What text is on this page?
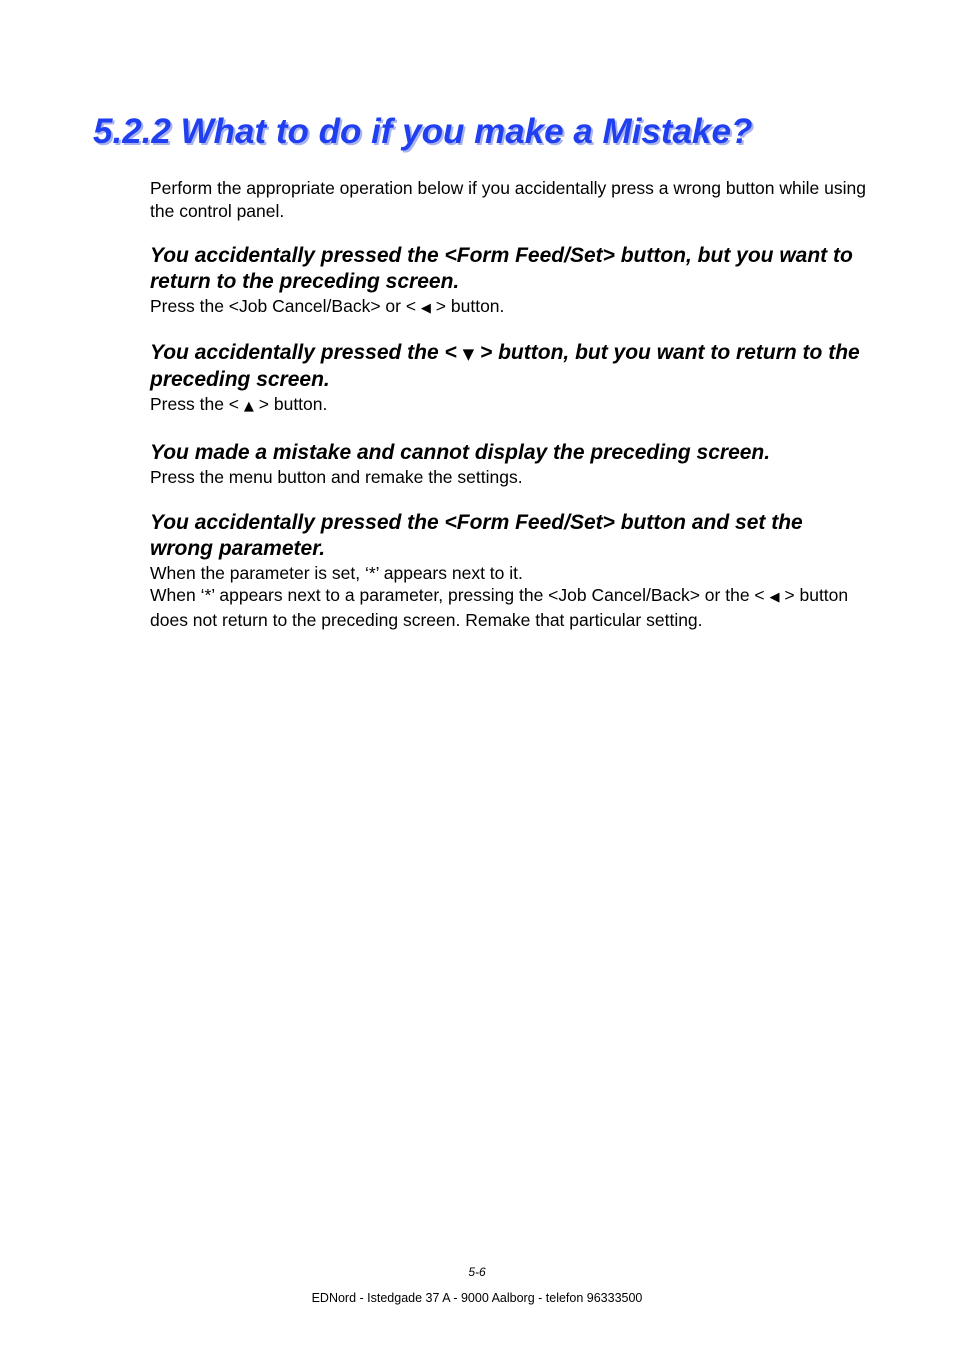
5.2.2 What to do if you make a Mistake?

Perform the appropriate operation below if you accidentally press a wrong button while using the control panel.

You accidentally pressed the <Form Feed/Set> button, but you want to return to the preceding screen.

Press the <Job Cancel/Back> or < ◀ > button.

You accidentally pressed the < ▼ > button, but you want to return to the preceding screen.

Press the < ▲ > button.

You made a mistake and cannot display the preceding screen.

Press the menu button and remake the settings.

You accidentally pressed the <Form Feed/Set> button and set the wrong parameter.

When the parameter is set, ‘*’ appears next to it.

When ‘*’ appears next to a parameter, pressing the <Job Cancel/Back> or the < ◀ > button does not return to the preceding screen. Remake that particular setting.

5-6
EDNord - Istedgade 37 A - 9000 Aalborg - telefon 96333500
